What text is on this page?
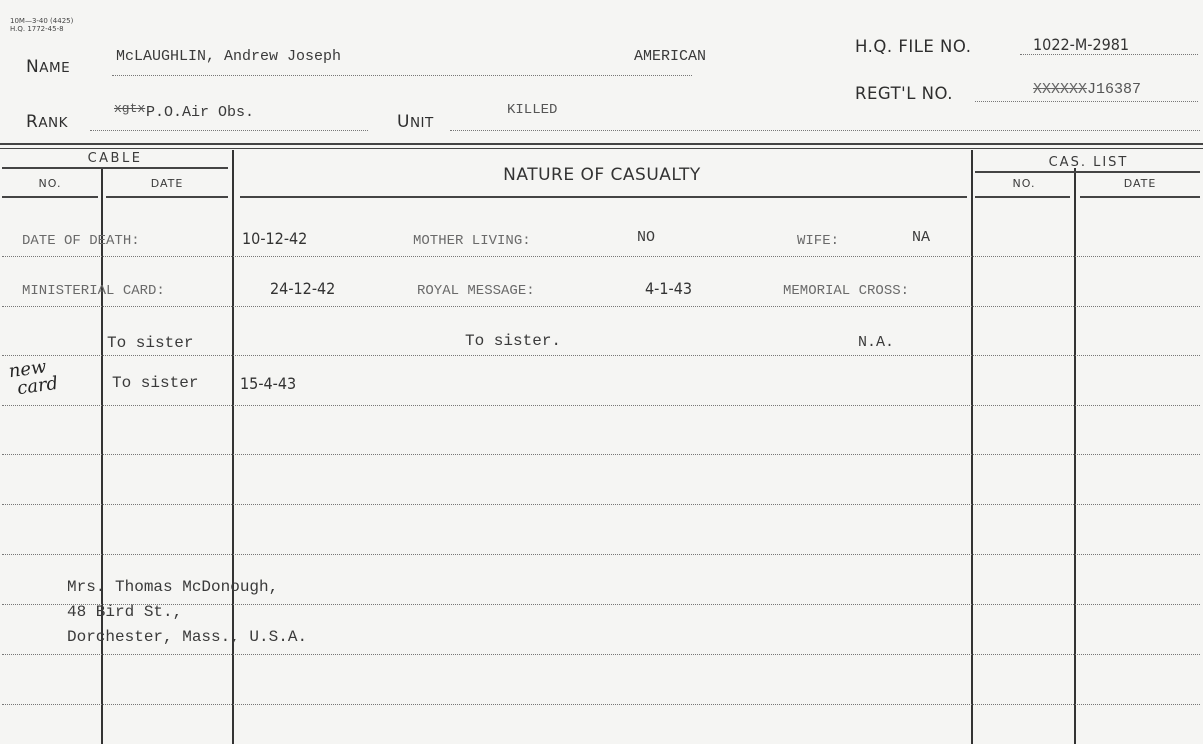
10M—3-40 (4425)
H.Q. 1772-45-8
NAME
McLAUGHLIN, Andrew Joseph	AMERICAN
H.Q. FILE NO.	1022-M-2981
RANK
xgtx P.O.Air Obs.	UNIT
KILLED
REGT'L NO.	XXXXXXJ16387
CABLE
NO.	DATE	NATURE OF CASUALTY
CAS. LIST
NO.	DATE
DATE OF DEATH:	10-12-42	MOTHER LIVING:	NO	WIFE:	NA
MINISTERIAL CARD:	24-12-42	ROYAL MESSAGE:	4-1-43	MEMORIAL CROSS:
To sister	To sister.	N.A.
new
card	To sister	15-4-43
Mrs. Thomas McDonough,
48 Bird St.,
Dorchester, Mass., U.S.A.
